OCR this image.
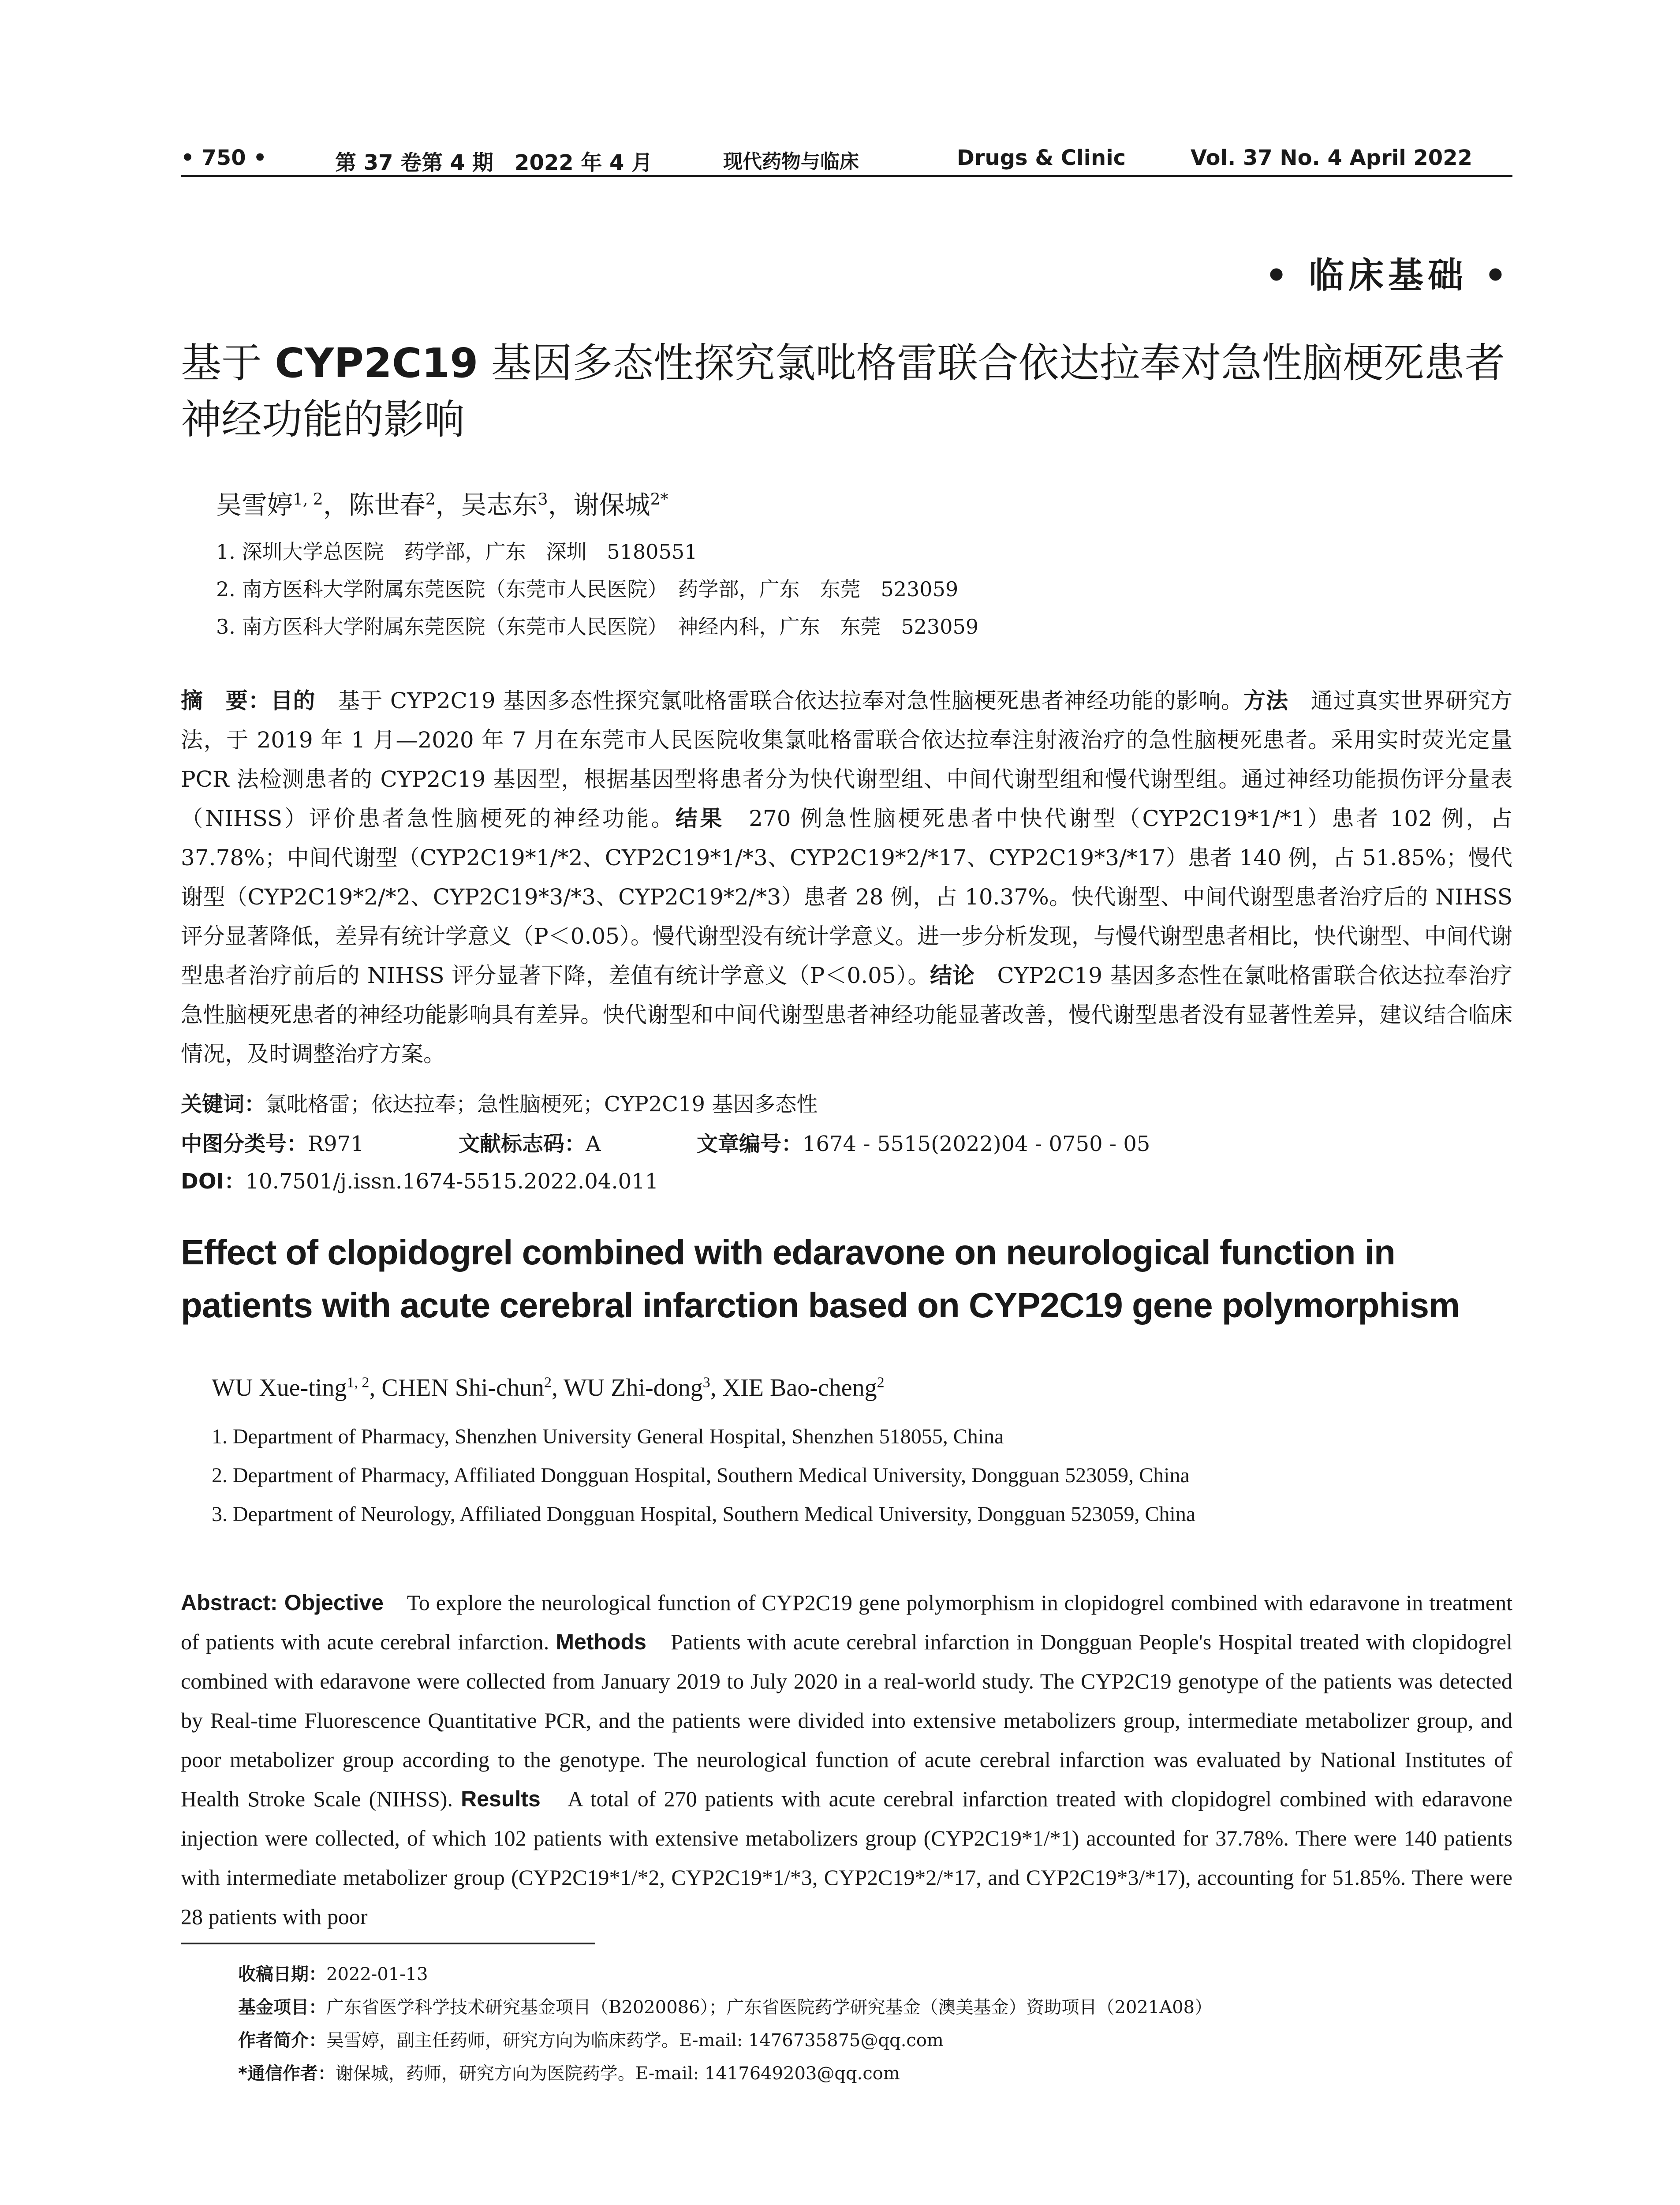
• 750 •	第 37 卷第 4 期　2022 年 4 月	现代药物与临床	Drugs & Clinic	Vol. 37 No. 4 April 2022
• 临床基础 •
基于 CYP2C19 基因多态性探究氯吡格雷联合依达拉奉对急性脑梗死患者神经功能的影响
吴雪婷$^{1, 2}$，陈世春$^2$，吴志东$^3$，谢保城$^{2*}$
1. 深圳大学总医院　药学部，广东　深圳　5180551
2. 南方医科大学附属东莞医院（东莞市人民医院）　药学部，广东　东莞　523059
3. 南方医科大学附属东莞医院（东莞市人民医院）　神经内科，广东　东莞　523059
摘　要：目的　基于 CYP2C19 基因多态性探究氯吡格雷联合依达拉奉对急性脑梗死患者神经功能的影响。方法　通过真实世界研究方法，于 2019 年 1 月—2020 年 7 月在东莞市人民医院收集氯吡格雷联合依达拉奉注射液治疗的急性脑梗死患者。采用实时荧光定量 PCR 法检测患者的 CYP2C19 基因型，根据基因型将患者分为快代谢型组、中间代谢型组和慢代谢型组。通过神经功能损伤评分量表（NIHSS）评价患者急性脑梗死的神经功能。结果　270 例急性脑梗死患者中快代谢型（CYP2C19*1/*1）患者 102 例，占 37.78%；中间代谢型（CYP2C19*1/*2、CYP2C19*1/*3、CYP2C19*2/*17、CYP2C19*3/*17）患者 140 例，占 51.85%；慢代谢型（CYP2C19*2/*2、CYP2C19*3/*3、CYP2C19*2/*3）患者 28 例，占 10.37%。快代谢型、中间代谢型患者治疗后的 NIHSS 评分显著降低，差异有统计学意义（P＜0.05）。慢代谢型没有统计学意义。进一步分析发现，与慢代谢型患者相比，快代谢型、中间代谢型患者治疗前后的 NIHSS 评分显著下降，差值有统计学意义（P＜0.05）。结论　CYP2C19 基因多态性在氯吡格雷联合依达拉奉治疗急性脑梗死患者的神经功能影响具有差异。快代谢型和中间代谢型患者神经功能显著改善，慢代谢型患者没有显著性差异，建议结合临床情况，及时调整治疗方案。
关键词：氯吡格雷；依达拉奉；急性脑梗死；CYP2C19 基因多态性
中图分类号：R971	文献标志码：A	文章编号：1674 - 5515(2022)04 - 0750 - 05
DOI：10.7501/j.issn.1674-5515.2022.04.011
Effect of clopidogrel combined with edaravone on neurological function in patients with acute cerebral infarction based on CYP2C19 gene polymorphism
WU Xue-ting$^{1, 2}$, CHEN Shi-chun$^2$, WU Zhi-dong$^3$, XIE Bao-cheng$^2$
1. Department of Pharmacy, Shenzhen University General Hospital, Shenzhen 518055, China
2. Department of Pharmacy, Affiliated Dongguan Hospital, Southern Medical University, Dongguan 523059, China
3. Department of Neurology, Affiliated Dongguan Hospital, Southern Medical University, Dongguan 523059, China
Abstract: Objective　To explore the neurological function of CYP2C19 gene polymorphism in clopidogrel combined with edaravone in treatment of patients with acute cerebral infarction. Methods　Patients with acute cerebral infarction in Dongguan People's Hospital treated with clopidogrel combined with edaravone were collected from January 2019 to July 2020 in a real-world study. The CYP2C19 genotype of the patients was detected by Real-time Fluorescence Quantitative PCR, and the patients were divided into extensive metabolizers group, intermediate metabolizer group, and poor metabolizer group according to the genotype. The neurological function of acute cerebral infarction was evaluated by National Institutes of Health Stroke Scale (NIHSS). Results　A total of 270 patients with acute cerebral infarction treated with clopidogrel combined with edaravone injection were collected, of which 102 patients with extensive metabolizers group (CYP2C19*1/*1) accounted for 37.78%. There were 140 patients with intermediate metabolizer group (CYP2C19*1/*2, CYP2C19*1/*3, CYP2C19*2/*17, and CYP2C19*3/*17), accounting for 51.85%. There were 28 patients with poor
收稿日期：2022-01-13
基金项目：广东省医学科学技术研究基金项目（B2020086）；广东省医院药学研究基金（澳美基金）资助项目（2021A08）
作者简介：吴雪婷，副主任药师，研究方向为临床药学。E-mail: 1476735875@qq.com
*通信作者：谢保城，药师，研究方向为医院药学。E-mail: 1417649203@qq.com
